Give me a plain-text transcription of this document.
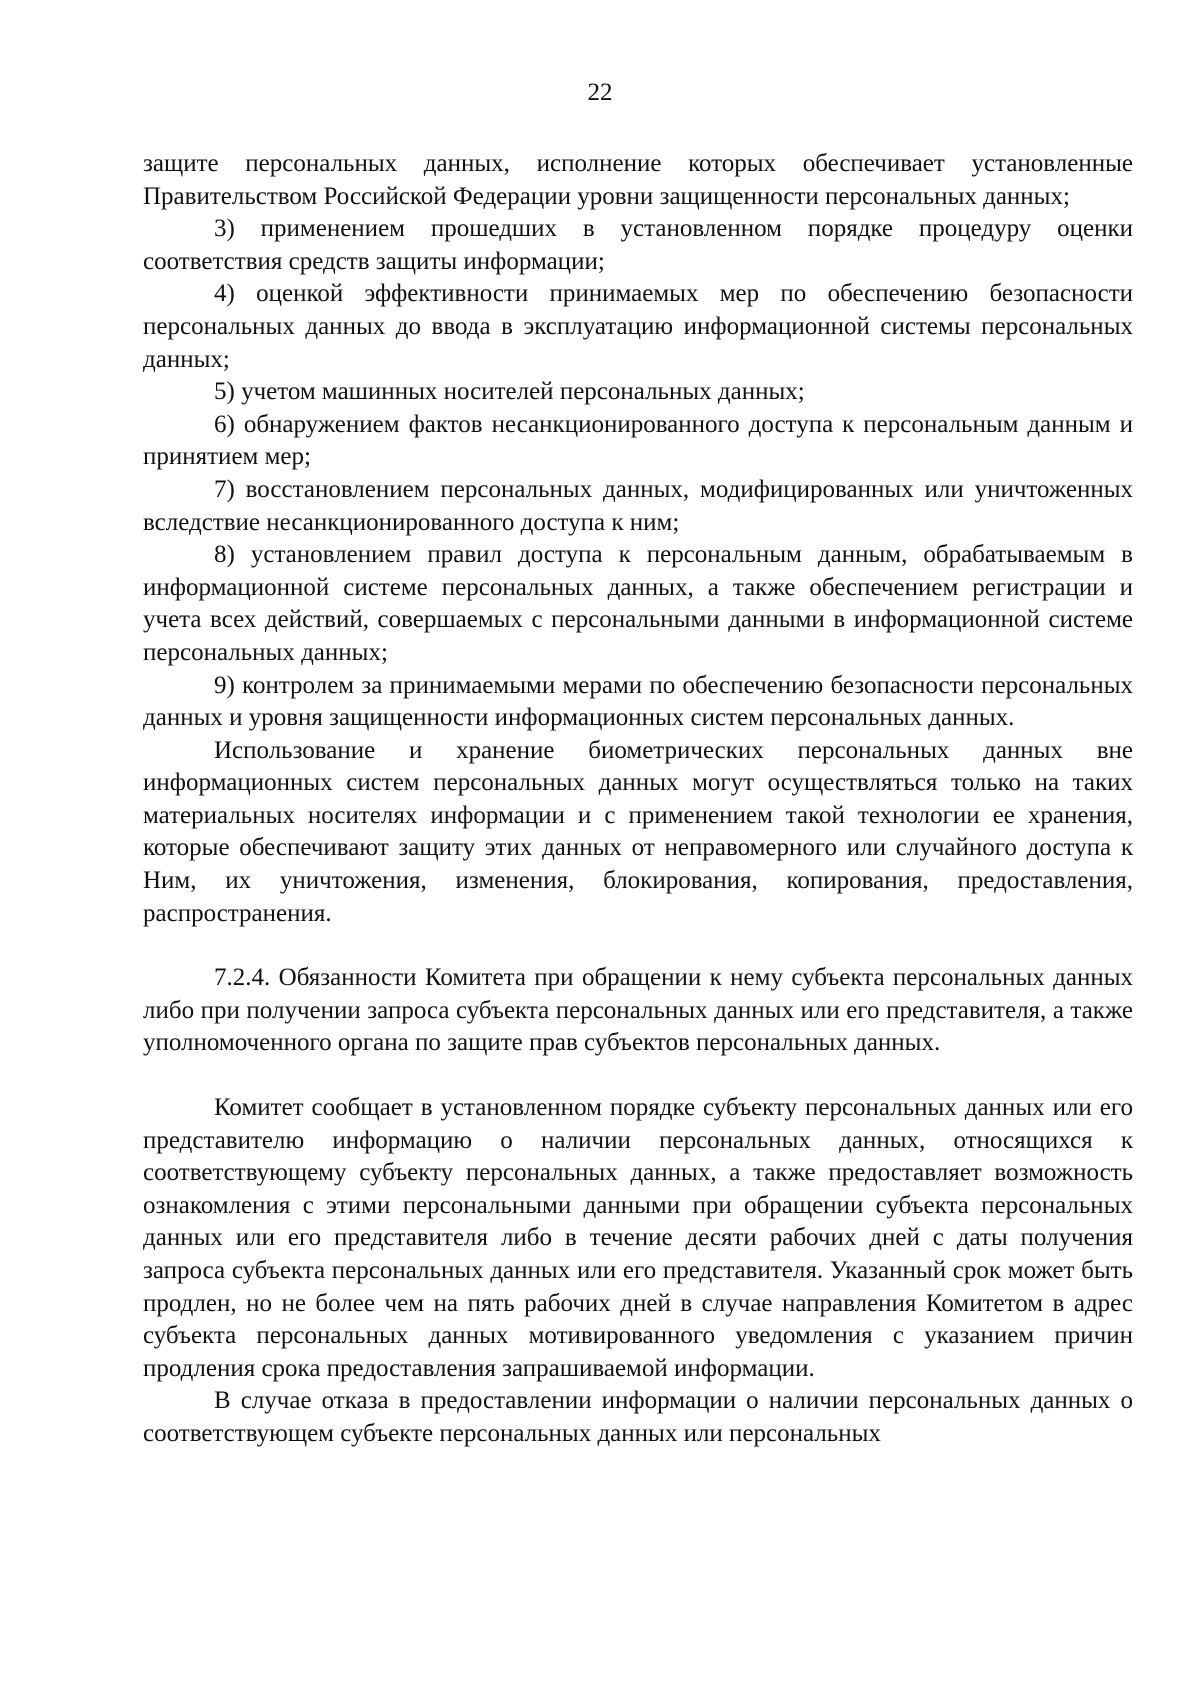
22

защите персональных данных, исполнение которых обеспечивает установленные Правительством Российской Федерации уровни защищенности персональных данных;

3) применением прошедших в установленном порядке процедуру оценки соответствия средств защиты информации;

4) оценкой эффективности принимаемых мер по обеспечению безопасности персональных данных до ввода в эксплуатацию информационной системы персональных данных;

5) учетом машинных носителей персональных данных;

6) обнаружением фактов несанкционированного доступа к персональным данным и принятием мер;

7) восстановлением персональных данных, модифицированных или уничтоженных вследствие несанкционированного доступа к ним;

8) установлением правил доступа к персональным данным, обрабатываемым в информационной системе персональных данных, а также обеспечением регистрации и учета всех действий, совершаемых с персональными данными в информационной системе персональных данных;

9) контролем за принимаемыми мерами по обеспечению безопасности персональных данных и уровня защищенности информационных систем персональных данных.

Использование и хранение биометрических персональных данных вне информационных систем персональных данных могут осуществляться только на таких материальных носителях информации и с применением такой технологии ее хранения, которые обеспечивают защиту этих данных от неправомерного или случайного доступа к Ним, их уничтожения, изменения, блокирования, копирования, предоставления, распространения.

7.2.4. Обязанности Комитета при обращении к нему субъекта персональных данных либо при получении запроса субъекта персональных данных или его представителя, а также уполномоченного органа по защите прав субъектов персональных данных.

Комитет сообщает в установленном порядке субъекту персональных данных или его представителю информацию о наличии персональных данных, относящихся к соответствующему субъекту персональных данных, а также предоставляет возможность ознакомления с этими персональными данными при обращении субъекта персональных данных или его представителя либо в течение десяти рабочих дней с даты получения запроса субъекта персональных данных или его представителя. Указанный срок может быть продлен, но не более чем на пять рабочих дней в случае направления Комитетом в адрес субъекта персональных данных мотивированного уведомления с указанием причин продления срока предоставления запрашиваемой информации.

В случае отказа в предоставлении информации о наличии персональных данных о соответствующем субъекте персональных данных или персональных
